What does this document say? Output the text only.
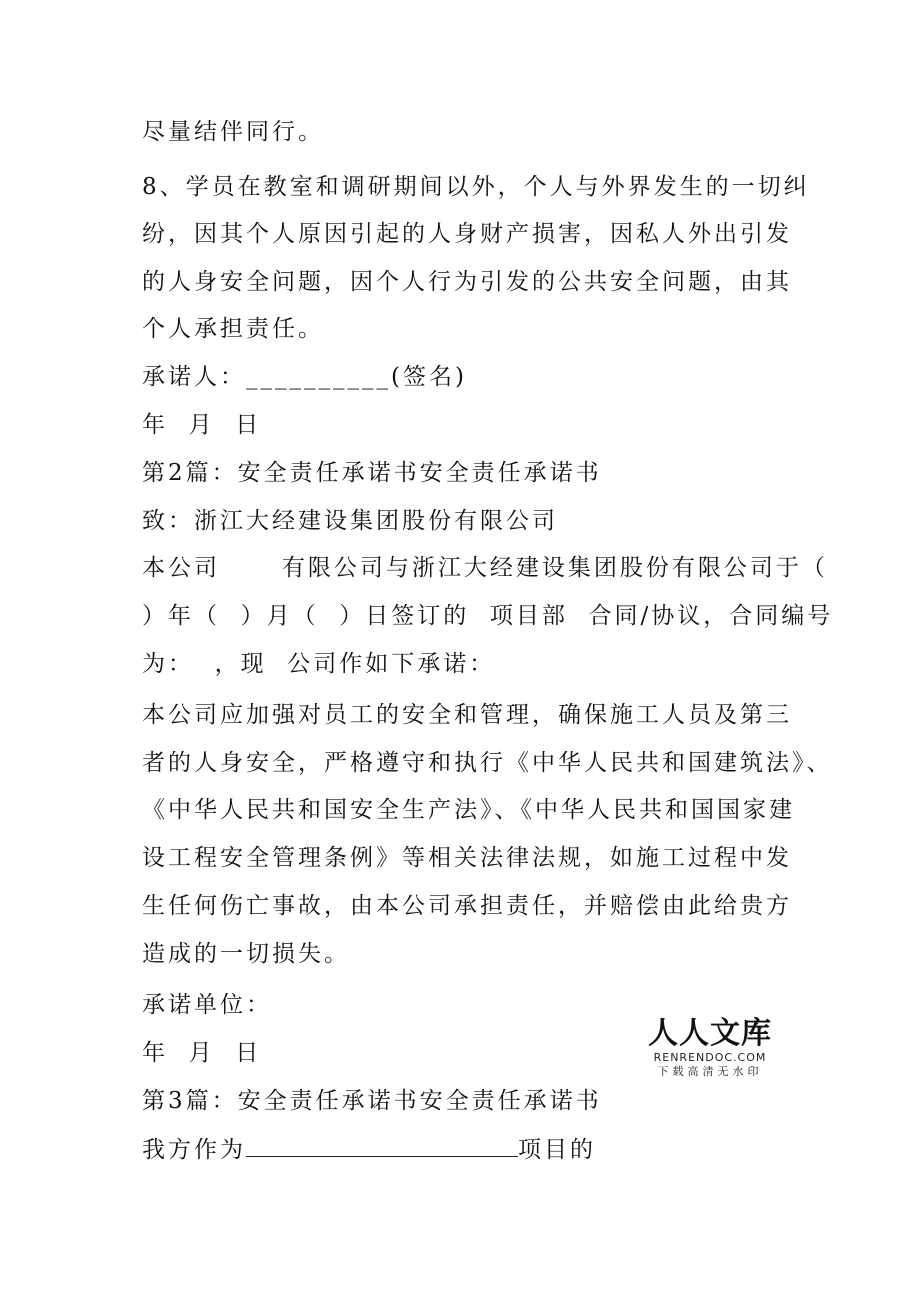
尽量结伴同行。
8、学员在教室和调研期间以外，个人与外界发生的一切纠
纷，因其个人原因引起的人身财产损害，因私人外出引发
的人身安全问题，因个人行为引发的公共安全问题，由其
个人承担责任。
承诺人：__________(签名)
年  月  日
第2篇：安全责任承诺书安全责任承诺书
致：浙江大经建设集团股份有限公司
本公司      有限公司与浙江大经建设集团股份有限公司于（
）年（  ）月（  ）日签订的  项目部  合同/协议，合同编号
为：  ，现  公司作如下承诺：
本公司应加强对员工的安全和管理，确保施工人员及第三
者的人身安全，严格遵守和执行《中华人民共和国建筑法》、
《中华人民共和国安全生产法》、《中华人民共和国国家建
设工程安全管理条例》等相关法律法规，如施工过程中发
生任何伤亡事故，由本公司承担责任，并赔偿由此给贵方
造成的一切损失。
承诺单位：
年  月  日
第3篇：安全责任承诺书安全责任承诺书
我方作为	项目的
人人文库
RENRENDOC.COM
下载高清无水印
